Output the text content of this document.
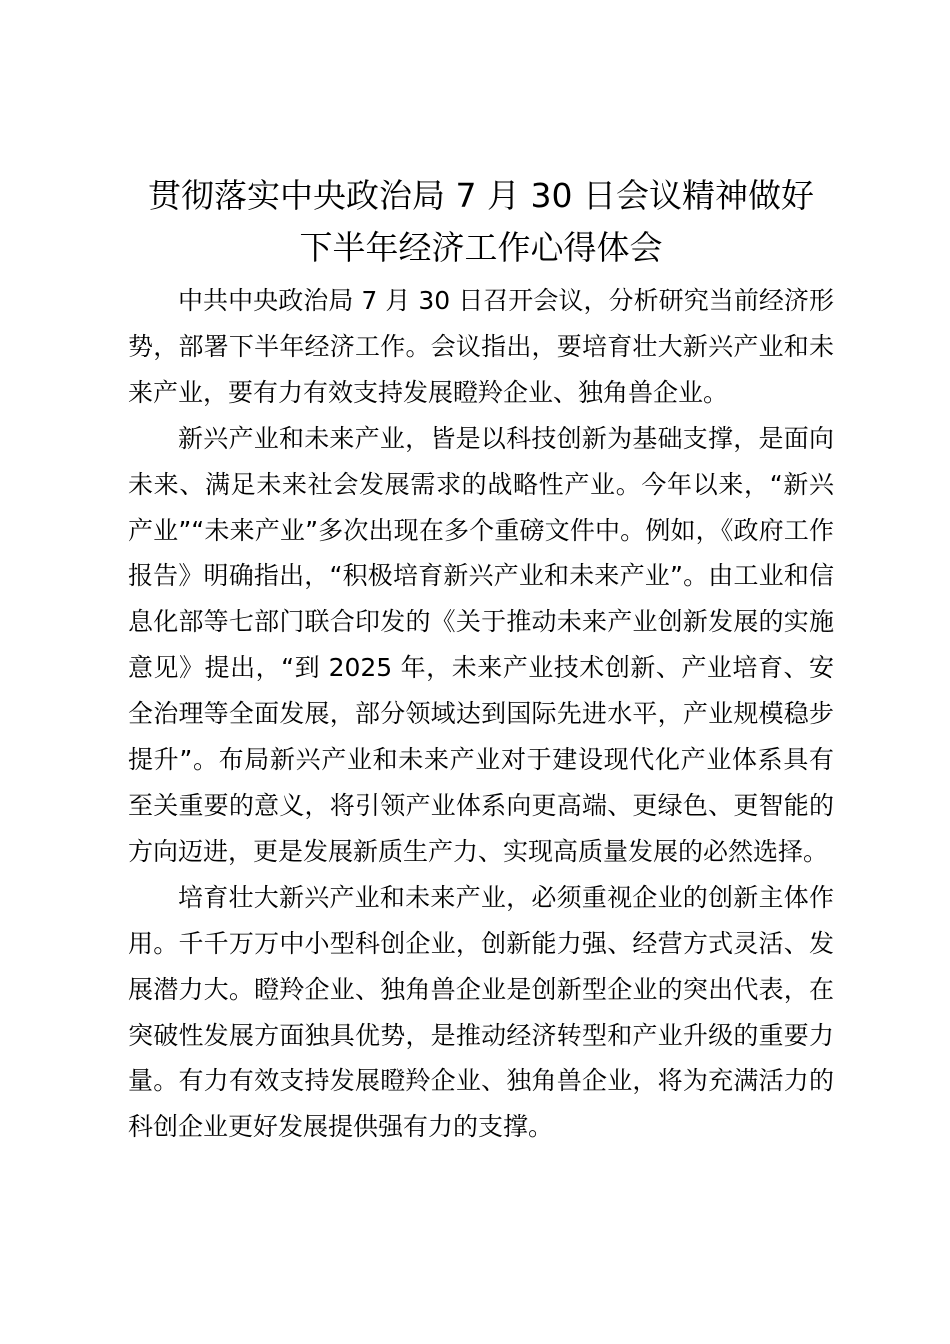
贯彻落实中央政治局 7 月 30 日会议精神做好
下半年经济工作心得体会

中共中央政治局 7 月 30 日召开会议，分析研究当前经济形势，部署下半年经济工作。会议指出，要培育壮大新兴产业和未来产业，要有力有效支持发展瞪羚企业、独角兽企业。

新兴产业和未来产业，皆是以科技创新为基础支撑，是面向未来、满足未来社会发展需求的战略性产业。今年以来，“新兴产业”“未来产业”多次出现在多个重磅文件中。例如，《政府工作报告》明确指出，“积极培育新兴产业和未来产业”。由工业和信息化部等七部门联合印发的《关于推动未来产业创新发展的实施意见》提出，“到 2025 年，未来产业技术创新、产业培育、安全治理等全面发展，部分领域达到国际先进水平，产业规模稳步提升”。布局新兴产业和未来产业对于建设现代化产业体系具有至关重要的意义，将引领产业体系向更高端、更绿色、更智能的方向迈进，更是发展新质生产力、实现高质量发展的必然选择。

培育壮大新兴产业和未来产业，必须重视企业的创新主体作用。千千万万中小型科创企业，创新能力强、经营方式灵活、发展潜力大。瞪羚企业、独角兽企业是创新型企业的突出代表，在突破性发展方面独具优势，是推动经济转型和产业升级的重要力量。有力有效支持发展瞪羚企业、独角兽企业，将为充满活力的科创企业更好发展提供强有力的支撑。
